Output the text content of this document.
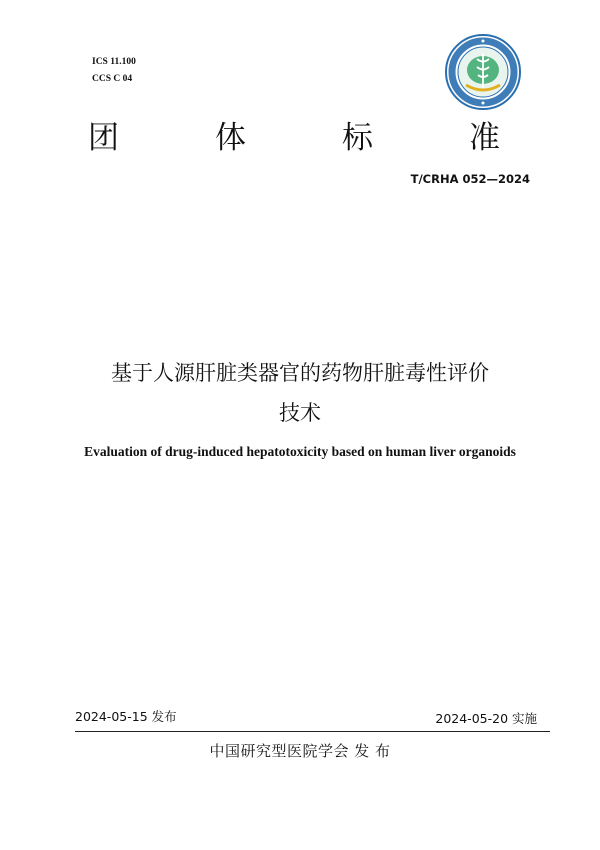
ICS 11.100
CCS C 04
团	体	标	准
T/CRHA 052—2024
基于人源肝脏类器官的药物肝脏毒性评价
技术
Evaluation of drug-induced hepatotoxicity based on human liver organoids
2024-05-15 发布	2024-05-20 实施
中国研究型医院学会 发 布
